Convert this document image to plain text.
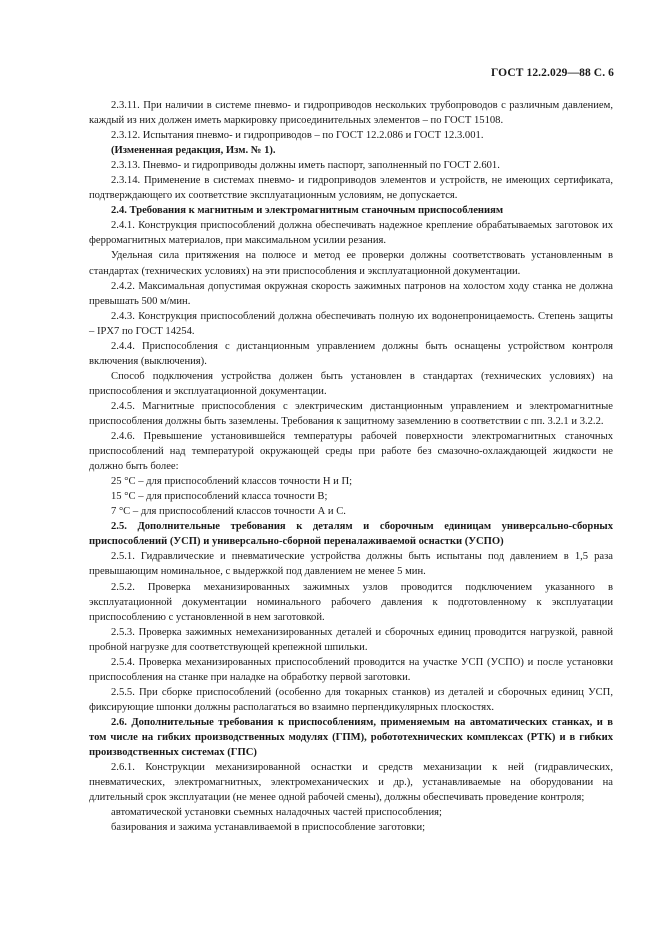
ГОСТ 12.2.029—88 С. 6

2.3.11. При наличии в системе пневмо- и гидроприводов нескольких трубопроводов с различным давлением, каждый из них должен иметь маркировку присоединительных элементов – по ГОСТ 15108.

2.3.12. Испытания пневмо- и гидроприводов – по ГОСТ 12.2.086 и ГОСТ 12.3.001.

(Измененная редакция, Изм. № 1).

2.3.13. Пневмо- и гидроприводы должны иметь паспорт, заполненный по ГОСТ 2.601.

2.3.14. Применение в системах пневмо- и гидроприводов элементов и устройств, не имеющих сертификата, подтверждающего их соответствие эксплуатационным условиям, не допускается.

2.4. Требования к магнитным и электромагнитным станочным приспособлениям

2.4.1. Конструкция приспособлений должна обеспечивать надежное крепление обрабатываемых заготовок их ферромагнитных материалов, при максимальном усилии резания.

Удельная сила притяжения на полюсе и метод ее проверки должны соответствовать установленным в стандартах (технических условиях) на эти приспособления и эксплуатационной документации.

2.4.2. Максимальная допустимая окружная скорость зажимных патронов на холостом ходу станка не должна превышать 500 м/мин.

2.4.3. Конструкция приспособлений должна обеспечивать полную их водонепроницаемость. Степень защиты – IPX7 по ГОСТ 14254.

2.4.4. Приспособления с дистанционным управлением должны быть оснащены устройством контроля включения (выключения).

Способ подключения устройства должен быть установлен в стандартах (технических условиях) на приспособления и эксплуатационной документации.

2.4.5. Магнитные приспособления с электрическим дистанционным управлением и электромагнитные приспособления должны быть заземлены. Требования к защитному заземлению в соответствии с пп. 3.2.1 и 3.2.2.

2.4.6. Превышение установившейся температуры рабочей поверхности электромагнитных станочных приспособлений над температурой окружающей среды при работе без смазочно-охлаждающей жидкости не должно быть более:

25 °С – для приспособлений классов точности Н и П;

15 °С – для приспособлений класса точности В;

7 °С – для приспособлений классов точности А и С.

2.5. Дополнительные требования к деталям и сборочным единицам универсально-сборных приспособлений (УСП) и универсально-сборной переналаживаемой оснастки (УСПО)

2.5.1. Гидравлические и пневматические устройства должны быть испытаны под давлением в 1,5 раза превышающим номинальное, с выдержкой под давлением не менее 5 мин.

2.5.2. Проверка механизированных зажимных узлов проводится подключением указанного в эксплуатационной документации номинального рабочего давления к подготовленному к эксплуатации приспособлению с установленной в нем заготовкой.

2.5.3. Проверка зажимных немеханизированных деталей и сборочных единиц проводится нагрузкой, равной пробной нагрузке для соответствующей крепежной шпильки.

2.5.4. Проверка механизированных приспособлений проводится на участке УСП (УСПО) и после установки приспособления на станке при наладке на обработку первой заготовки.

2.5.5. При сборке приспособлений (особенно для токарных станков) из деталей и сборочных единиц УСП, фиксирующие шпонки должны располагаться во взаимно перпендикулярных плоскостях.

2.6. Дополнительные требования к приспособлениям, применяемым на автоматических станках, и в том числе на гибких производственных модулях (ГПМ), робототехнических комплексах (РТК) и в гибких производственных системах (ГПС)

2.6.1. Конструкции механизированной оснастки и средств механизации к ней (гидравлических, пневматических, электромагнитных, электромеханических и др.), устанавливаемые на оборудовании на длительный срок эксплуатации (не менее одной рабочей смены), должны обеспечивать проведение контроля;

автоматической установки съемных наладочных частей приспособления;

базирования и зажима устанавливаемой в приспособление заготовки;
